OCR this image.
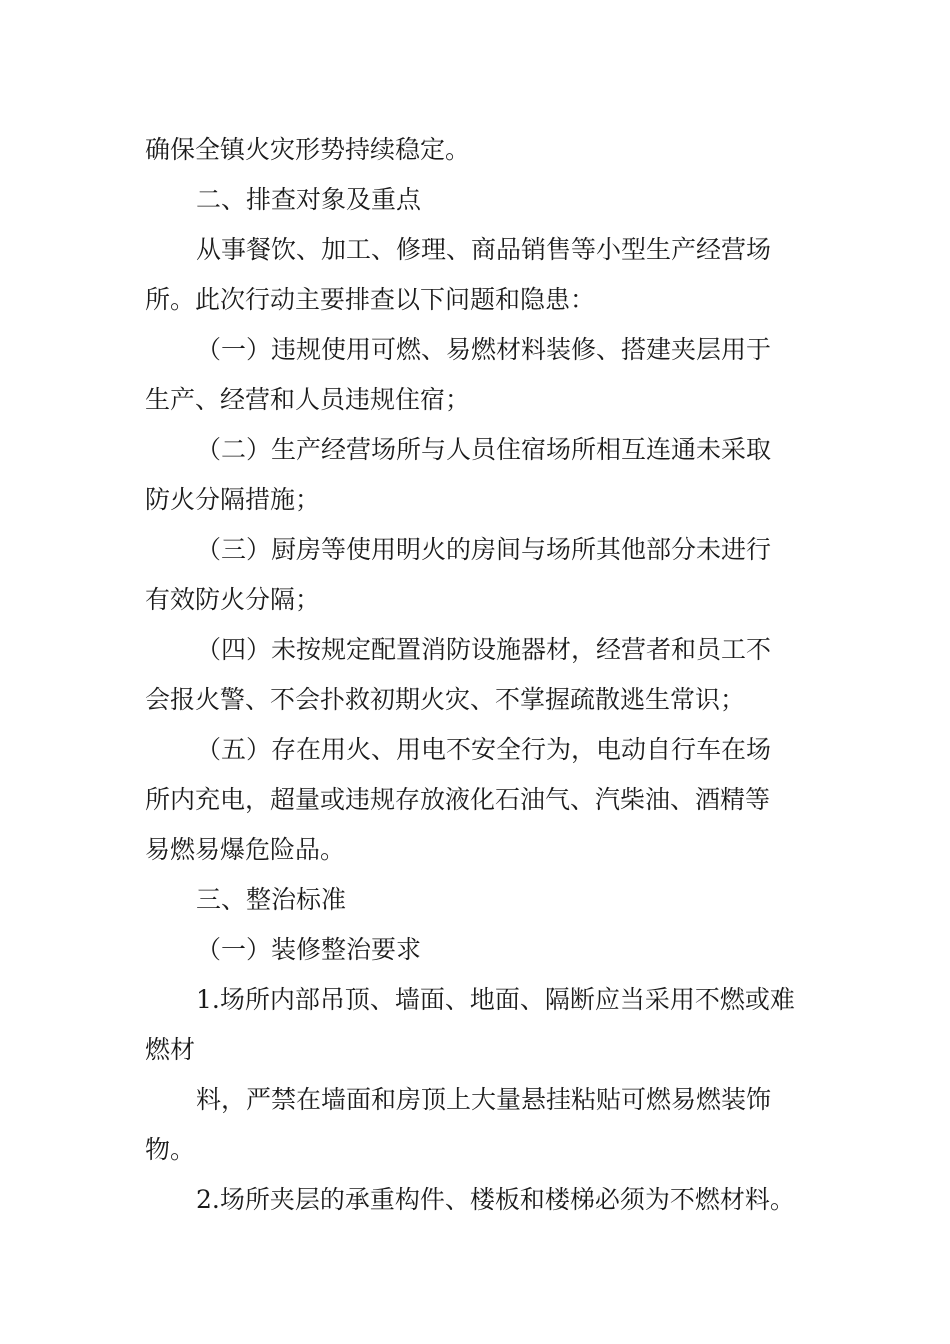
确保全镇火灾形势持续稳定。
二、排查对象及重点
从事餐饮、加工、修理、商品销售等小型生产经营场
所。此次行动主要排查以下问题和隐患：
（一）违规使用可燃、易燃材料装修、搭建夹层用于
生产、经营和人员违规住宿；
（二）生产经营场所与人员住宿场所相互连通未采取
防火分隔措施；
（三）厨房等使用明火的房间与场所其他部分未进行
有效防火分隔；
（四）未按规定配置消防设施器材，经营者和员工不
会报火警、不会扑救初期火灾、不掌握疏散逃生常识；
（五）存在用火、用电不安全行为，电动自行车在场
所内充电，超量或违规存放液化石油气、汽柴油、酒精等
易燃易爆危险品。
三、整治标准
（一）装修整治要求
1.场所内部吊顶、墙面、地面、隔断应当采用不燃或难
燃材
料，严禁在墙面和房顶上大量悬挂粘贴可燃易燃装饰
物。
2.场所夹层的承重构件、楼板和楼梯必须为不燃材料。
